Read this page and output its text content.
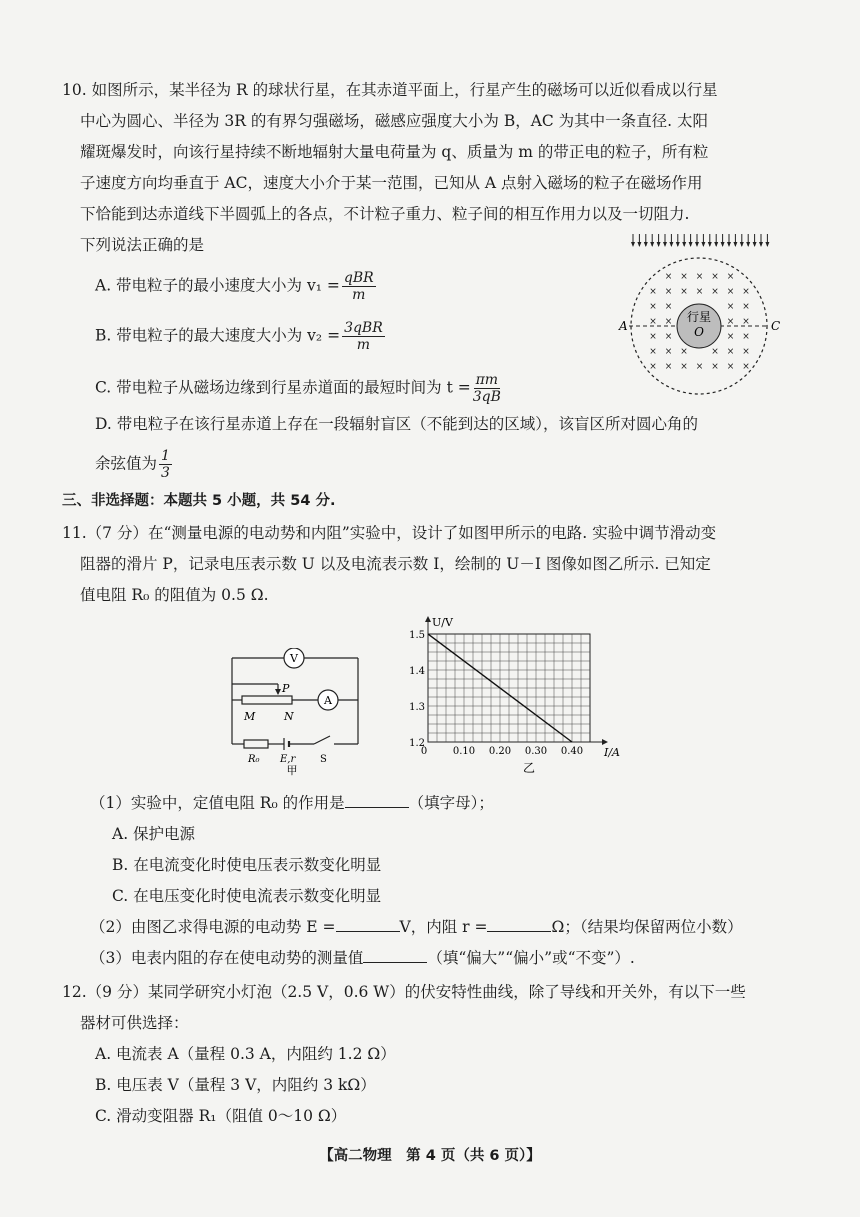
10. 如图所示，某半径为 R 的球状行星，在其赤道平面上，行星产生的磁场可以近似看成以行星
中心为圆心、半径为 3R 的有界匀强磁场，磁感应强度大小为 B，AC 为其中一条直径. 太阳
耀斑爆发时，向该行星持续不断地辐射大量电荷量为 q、质量为 m 的带正电的粒子，所有粒
子速度方向均垂直于 AC，速度大小介于某一范围，已知从 A 点射入磁场的粒子在磁场作用
下恰能到达赤道线下半圆弧上的各点，不计粒子重力、粒子间的相互作用力以及一切阻力.
下列说法正确的是
A. 带电粒子的最小速度大小为 $v_1 = \frac{\text{qBR}}{m}$
B. 带电粒子的最大速度大小为 $v_2 = \frac{\text{3qBR}}{m}$
C. 带电粒子从磁场边缘到行星赤道面的最短时间为 $t = \frac{\pi m}{3qB}$
D. 带电粒子在该行星赤道上存在一段辐射盲区（不能到达的区域），该盲区所对圆心角的
余弦值为 $\frac{1}{3}$
× × × × ×
× × × × × × ×
× ×	× ×
× ×	× ×
× ×	× ×
× × ×	× × ×
× × × × × × ×
行星
O
A	C
三、非选择题：本题共 5 小题，共 54 分.
11.（7 分）在“测量电源的电动势和内阻”实验中，设计了如图甲所示的电路. 实验中调节滑动变
阻器的滑片 P，记录电压表示数 U 以及电流表示数 I，绘制的 U－I 图像如图乙所示. 已知定
值电阻 R₀ 的阻值为 0.5 Ω.
V
A
P
M	N
R₀ E,r S
甲
0	0.10 0.20 0.30 0.40
1.2
1.3
1.4
1.5
U/V
I/A
乙
（1）实验中，定值电阻 R₀ 的作用是	（填字母）；
A. 保护电源
B. 在电流变化时使电压表示数变化明显
C. 在电压变化时使电流表示数变化明显
（2）由图乙求得电源的电动势 E =	V，内阻 r =	Ω；（结果均保留两位小数）
（3）电表内阻的存在使电动势的测量值	（填“偏大”“偏小”或“不变”）.
12.（9 分）某同学研究小灯泡（2.5 V，0.6 W）的伏安特性曲线，除了导线和开关外，有以下一些
器材可供选择：
A. 电流表 A（量程 0.3 A，内阻约 1.2 Ω）
B. 电压表 V（量程 3 V，内阻约 3 kΩ）
C. 滑动变阻器 R₁（阻值 0～10 Ω）
【高二物理　第 4 页（共 6 页）】
